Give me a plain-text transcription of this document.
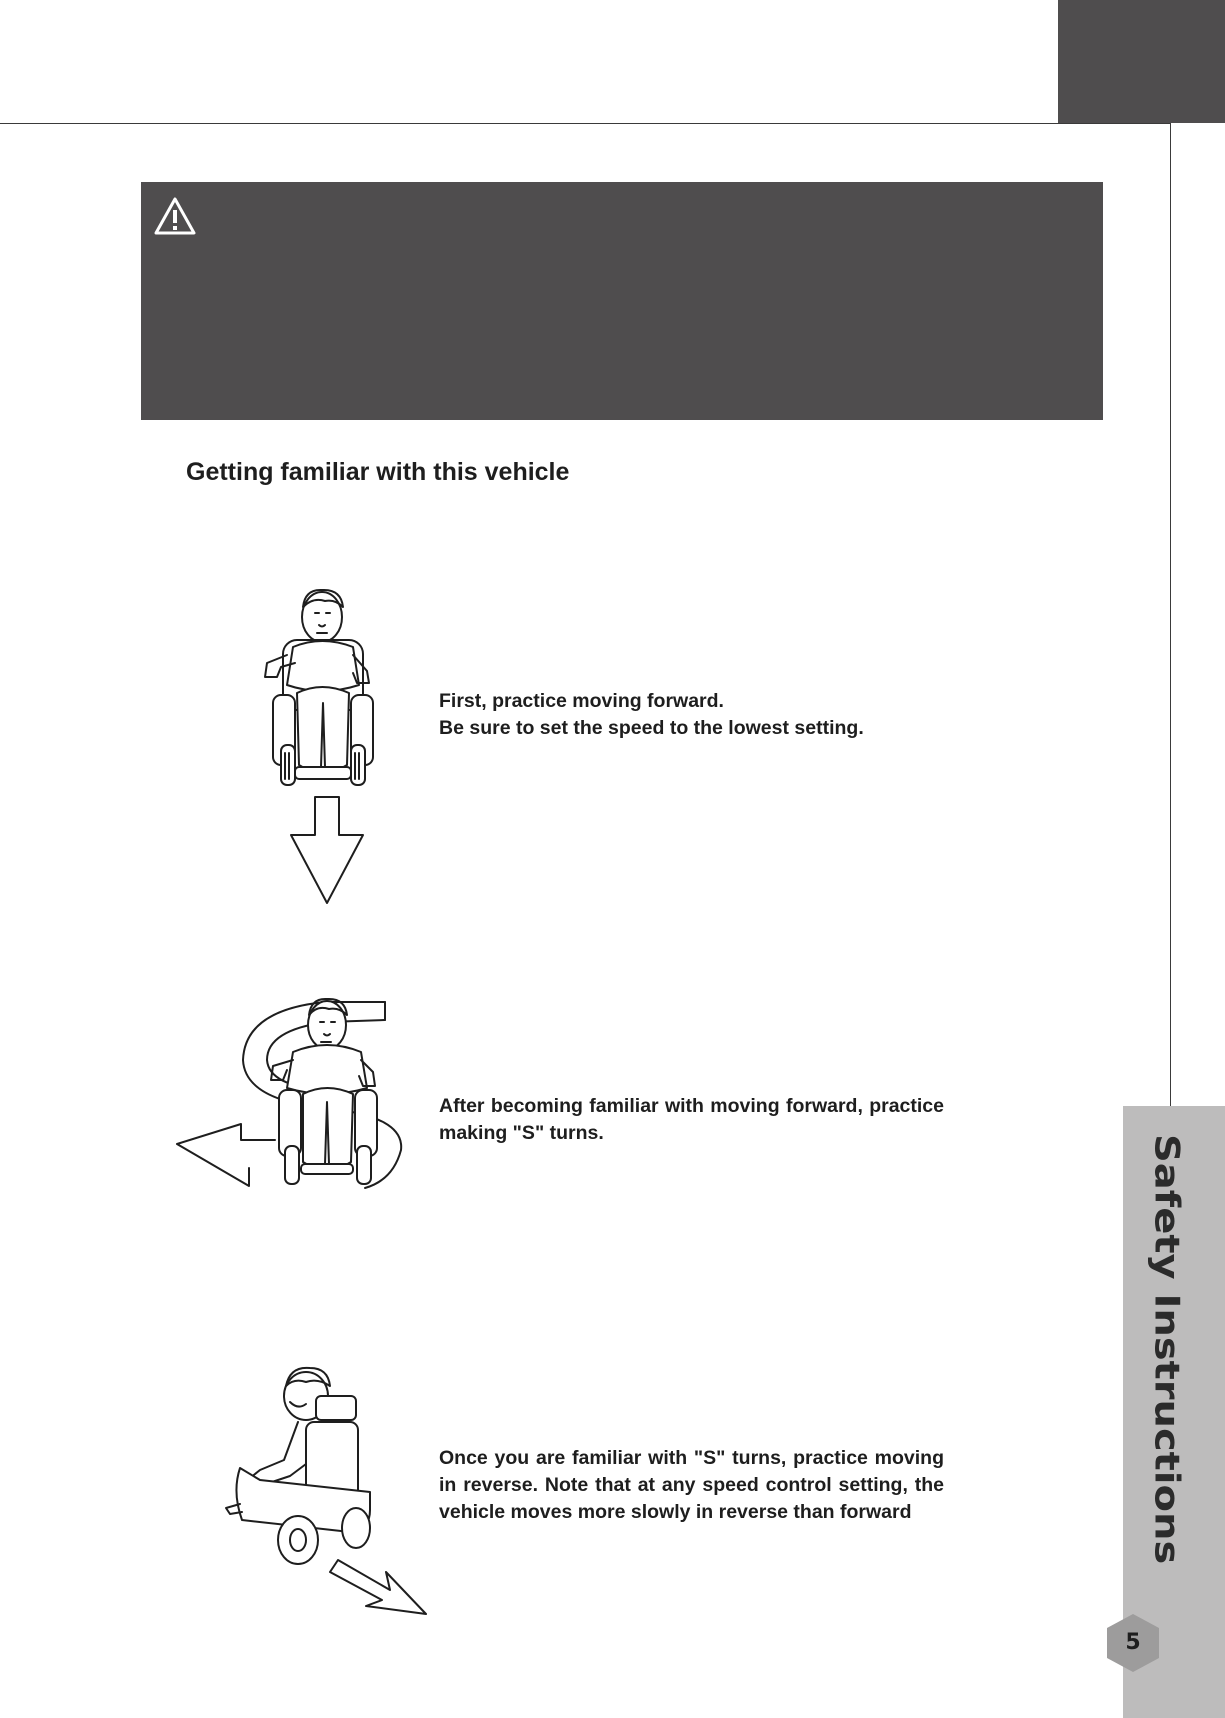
Safety Instructions
5
Getting familiar with this vehicle

First, practice moving forward.
Be sure to set the speed to the lowest setting.

After becoming familiar with moving forward, practice making "S" turns.

Once you are familiar with "S" turns, practice moving in reverse. Note that at any speed control setting, the vehicle moves more slowly in reverse than forward
